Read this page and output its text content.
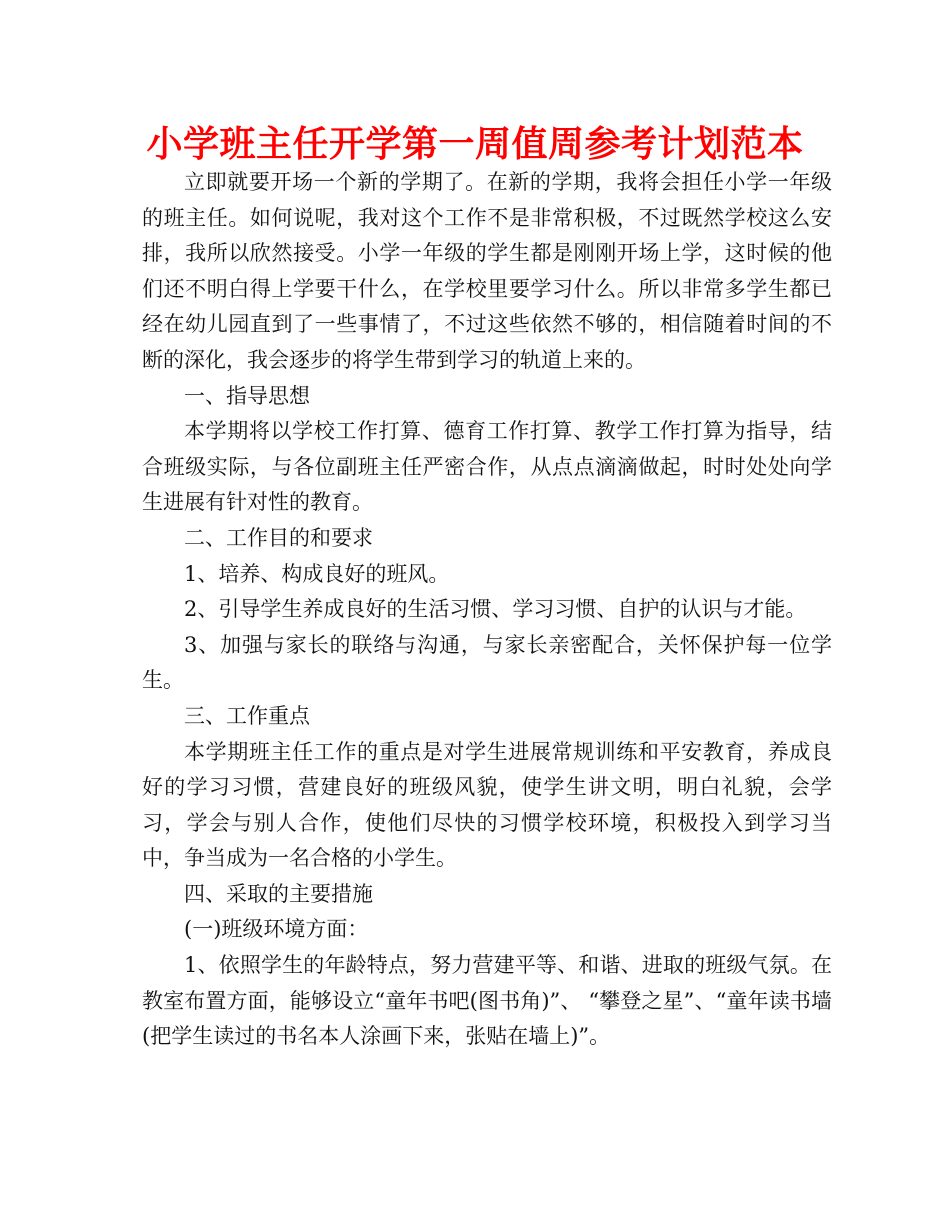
小学班主任开学第一周值周参考计划范本

立即就要开场一个新的学期了。在新的学期，我将会担任小学一年级的班主任。如何说呢，我对这个工作不是非常积极，不过既然学校这么安排，我所以欣然接受。小学一年级的学生都是刚刚开场上学，这时候的他们还不明白得上学要干什么，在学校里要学习什么。所以非常多学生都已经在幼儿园直到了一些事情了，不过这些依然不够的，相信随着时间的不断的深化，我会逐步的将学生带到学习的轨道上来的。

一、指导思想

本学期将以学校工作打算、德育工作打算、教学工作打算为指导，结合班级实际，与各位副班主任严密合作，从点点滴滴做起，时时处处向学生进展有针对性的教育。

二、工作目的和要求

1、培养、构成良好的班风。

2、引导学生养成良好的生活习惯、学习习惯、自护的认识与才能。

3、加强与家长的联络与沟通，与家长亲密配合，关怀保护每一位学生。

三、工作重点

本学期班主任工作的重点是对学生进展常规训练和平安教育，养成良好的学习习惯，营建良好的班级风貌，使学生讲文明，明白礼貌，会学习，学会与别人合作，使他们尽快的习惯学校环境，积极投入到学习当中，争当成为一名合格的小学生。

四、采取的主要措施

(一)班级环境方面：

1、依照学生的年龄特点，努力营建平等、和谐、进取的班级气氛。在教室布置方面，能够设立“童年书吧(图书角)”、 “攀登之星”、“童年读书墙(把学生读过的书名本人涂画下来，张贴在墙上)”。
